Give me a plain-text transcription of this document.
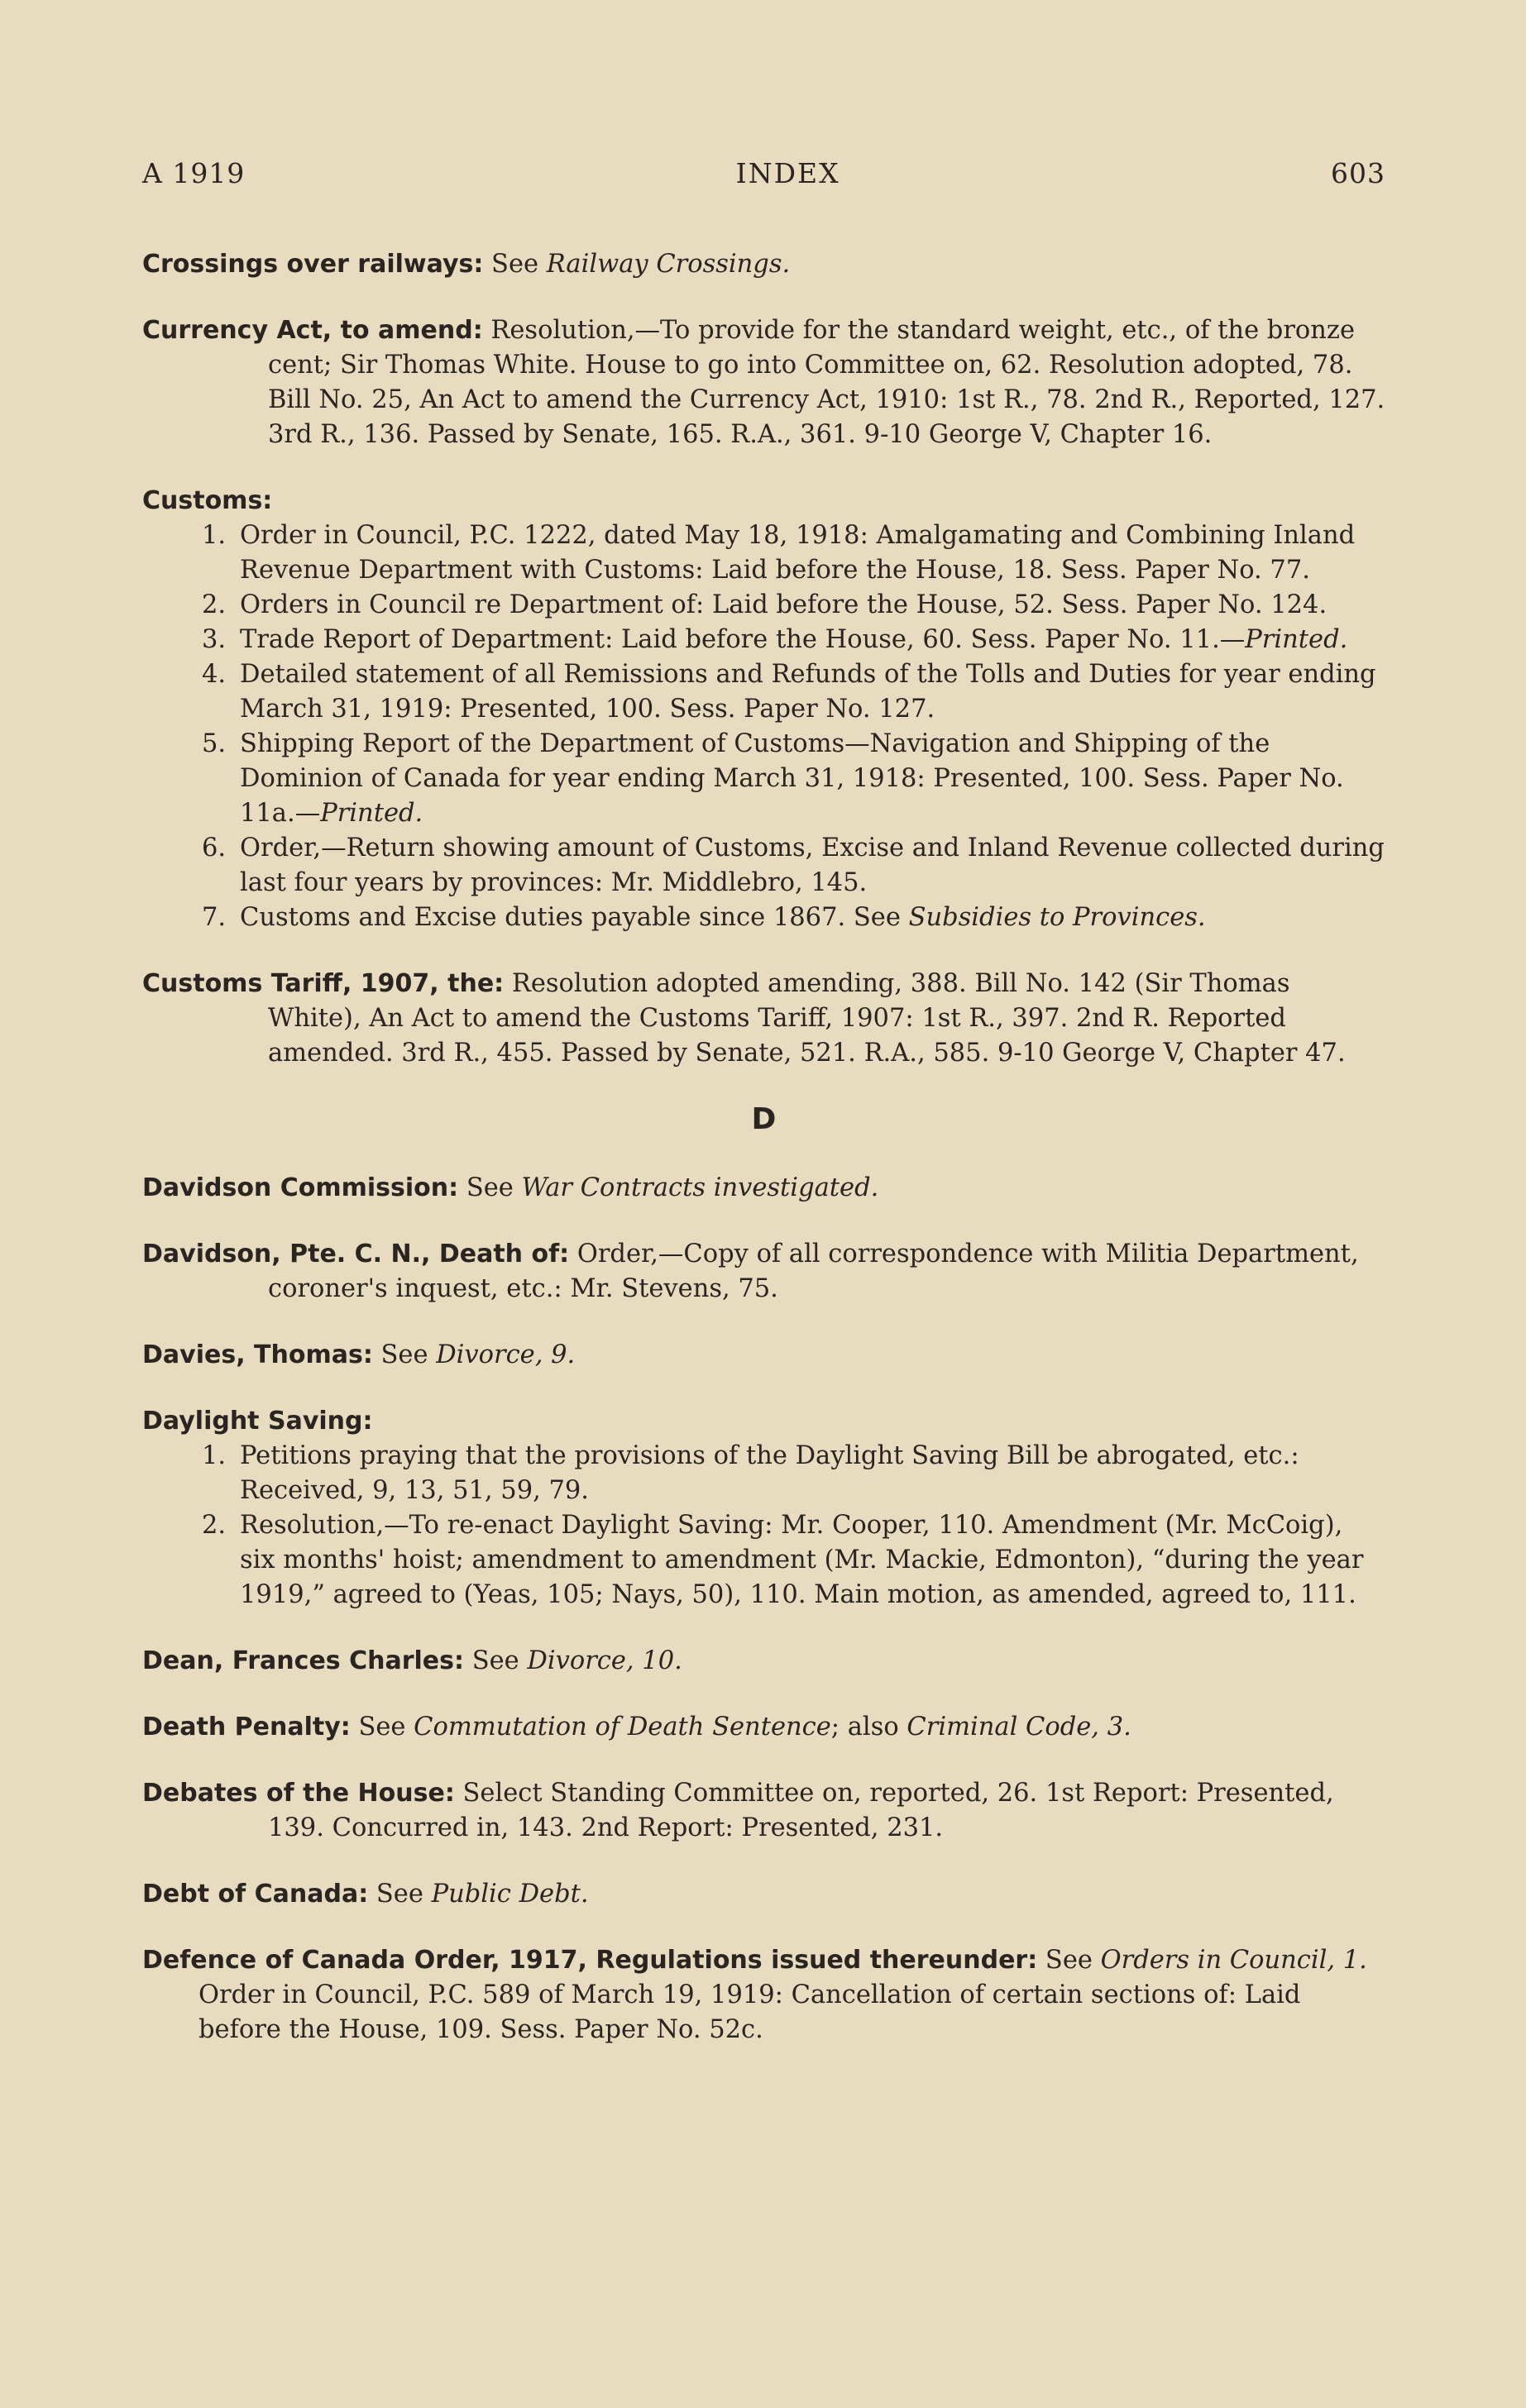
A 1919	INDEX	603
Crossings over railways: See Railway Crossings.
Currency Act, to amend: Resolution,—To provide for the standard weight, etc., of the bronze cent; Sir Thomas White. House to go into Committee on, 62. Resolution adopted, 78. Bill No. 25, An Act to amend the Currency Act, 1910: 1st R., 78. 2nd R., Reported, 127. 3rd R., 136. Passed by Senate, 165. R.A., 361. 9-10 George V, Chapter 16.
Customs:
1. Order in Council, P.C. 1222, dated May 18, 1918: Amalgamating and Combining Inland Revenue Department with Customs: Laid before the House, 18. Sess. Paper No. 77.
2. Orders in Council re Department of: Laid before the House, 52. Sess. Paper No. 124.
3. Trade Report of Department: Laid before the House, 60. Sess. Paper No. 11.—Printed.
4. Detailed statement of all Remissions and Refunds of the Tolls and Duties for year ending March 31, 1919: Presented, 100. Sess. Paper No. 127.
5. Shipping Report of the Department of Customs—Navigation and Shipping of the Dominion of Canada for year ending March 31, 1918: Presented, 100. Sess. Paper No. 11a.—Printed.
6. Order,—Return showing amount of Customs, Excise and Inland Revenue collected during last four years by provinces: Mr. Middlebro, 145.
7. Customs and Excise duties payable since 1867. See Subsidies to Provinces.
Customs Tariff, 1907, the: Resolution adopted amending, 388. Bill No. 142 (Sir Thomas White), An Act to amend the Customs Tariff, 1907: 1st R., 397. 2nd R. Reported amended. 3rd R., 455. Passed by Senate, 521. R.A., 585. 9-10 George V, Chapter 47.
D
Davidson Commission: See War Contracts investigated.
Davidson, Pte. C. N., Death of: Order,—Copy of all correspondence with Militia Department, coroner's inquest, etc.: Mr. Stevens, 75.
Davies, Thomas: See Divorce, 9.
Daylight Saving:
1. Petitions praying that the provisions of the Daylight Saving Bill be abrogated, etc.: Received, 9, 13, 51, 59, 79.
2. Resolution,—To re-enact Daylight Saving: Mr. Cooper, 110. Amendment (Mr. McCoig), six months' hoist; amendment to amendment (Mr. Mackie, Edmonton), “during the year 1919,” agreed to (Yeas, 105; Nays, 50), 110. Main motion, as amended, agreed to, 111.
Dean, Frances Charles: See Divorce, 10.
Death Penalty: See Commutation of Death Sentence; also Criminal Code, 3.
Debates of the House: Select Standing Committee on, reported, 26. 1st Report: Presented, 139. Concurred in, 143. 2nd Report: Presented, 231.
Debt of Canada: See Public Debt.
Defence of Canada Order, 1917, Regulations issued thereunder: See Orders in Council, 1.
Order in Council, P.C. 589 of March 19, 1919: Cancellation of certain sections of: Laid before the House, 109. Sess. Paper No. 52c.
